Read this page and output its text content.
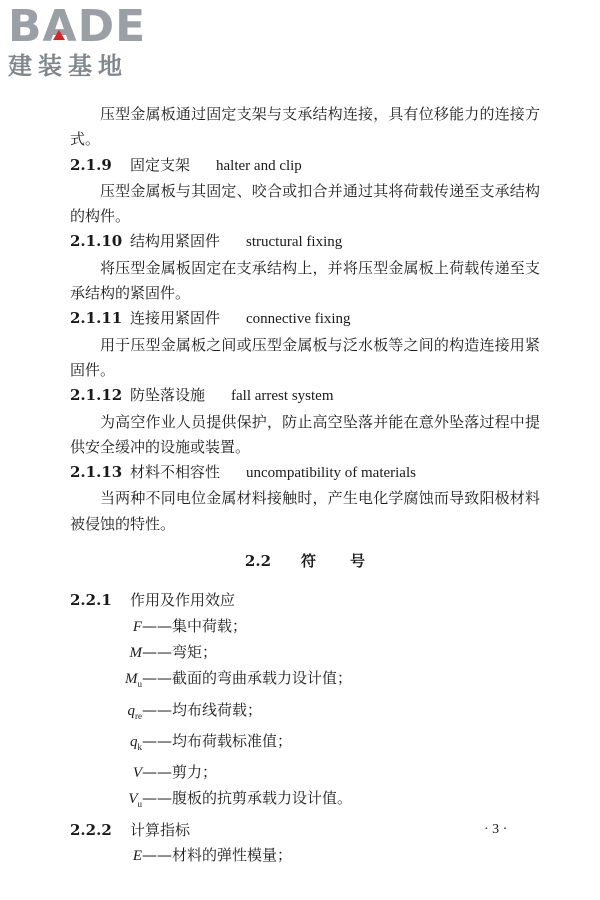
B A DE
建装基地

压型金属板通过固定支架与支承结构连接，具有位移能力的连接方式。

2.1.9 固定支架 halter and clip

压型金属板与其固定、咬合或扣合并通过其将荷载传递至支承结构的构件。

2.1.10 结构用紧固件 structural fixing

将压型金属板固定在支承结构上，并将压型金属板上荷载传递至支承结构的紧固件。

2.1.11 连接用紧固件 connective fixing

用于压型金属板之间或压型金属板与泛水板等之间的构造连接用紧固件。

2.1.12 防坠落设施 fall arrest system

为高空作业人员提供保护，防止高空坠落并能在意外坠落过程中提供安全缓冲的设施或装置。

2.1.13 材料不相容性 uncompatibility of materials

当两种不同电位金属材料接触时，产生电化学腐蚀而导致阳极材料被侵蚀的特性。

2.2 符 号

2.2.1 作用及作用效应

F——集中荷载；

M——弯矩；

$M_u——$截面的弯曲承载力设计值；

$q_{re}——$均布线荷载；

$q_k——$均布荷载标准值；

V——剪力；

$V_u——$腹板的抗剪承载力设计值。

2.2.2 计算指标

E——材料的弹性模量；

· 3 ·
